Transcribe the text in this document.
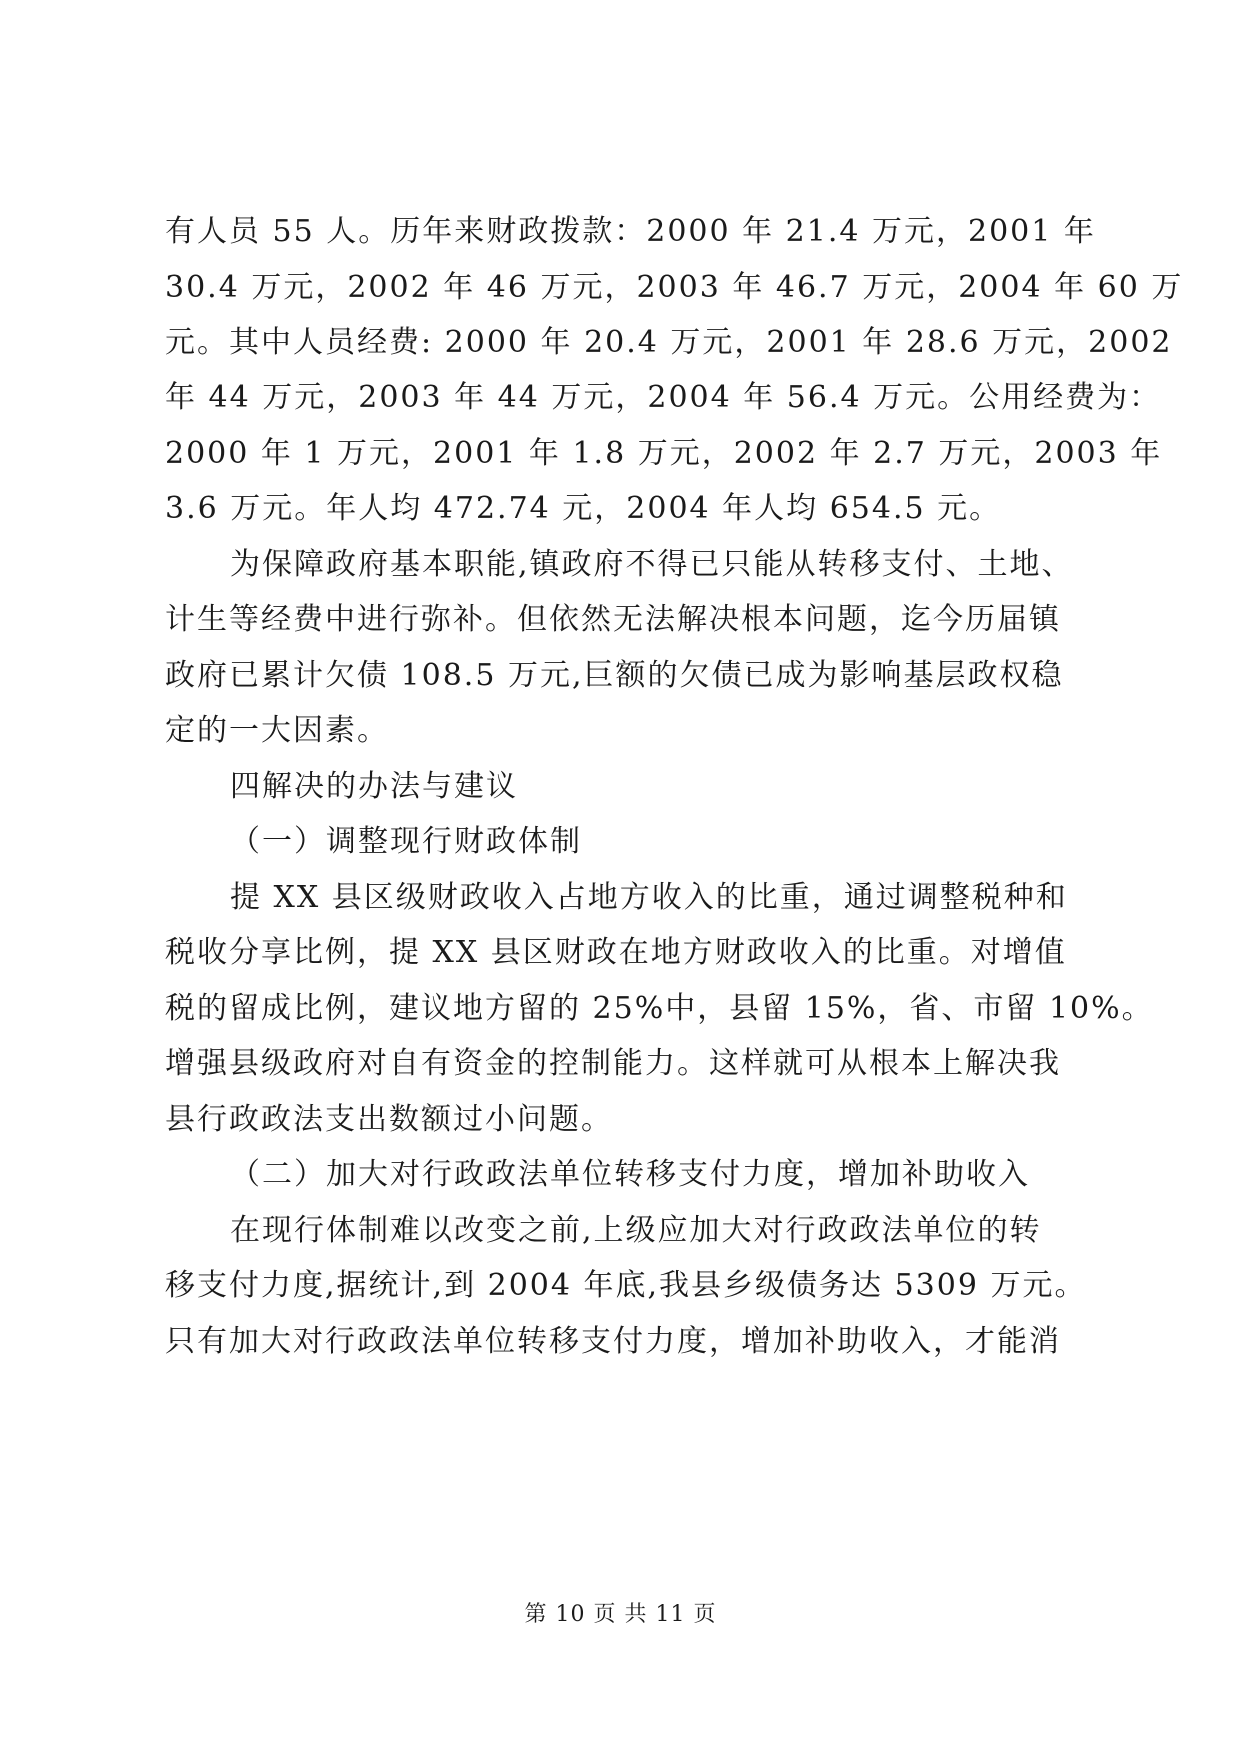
有人员 55 人。历年来财政拨款：2000 年 21.4 万元，2001 年
30.4 万元，2002 年 46 万元，2003 年 46.7 万元，2004 年 60 万
元。其中人员经费: 2000 年 20.4 万元，2001 年 28.6 万元，2002
年 44 万元，2003 年 44 万元，2004 年 56.4 万元。公用经费为：
2000 年 1 万元，2001 年 1.8 万元，2002 年 2.7 万元，2003 年
3.6 万元。年人均 472.74 元，2004 年人均 654.5 元。
为保障政府基本职能,镇政府不得已只能从转移支付、土地、
计生等经费中进行弥补。但依然无法解决根本问题，迄今历届镇
政府已累计欠债 108.5 万元,巨额的欠债已成为影响基层政权稳
定的一大因素。
四解决的办法与建议
（一）调整现行财政体制
提 XX 县区级财政收入占地方收入的比重，通过调整税种和
税收分享比例，提 XX 县区财政在地方财政收入的比重。对增值
税的留成比例，建议地方留的 25%中，县留 15%，省、市留 10%。
增强县级政府对自有资金的控制能力。这样就可从根本上解决我
县行政政法支出数额过小问题。
（二）加大对行政政法单位转移支付力度，增加补助收入
在现行体制难以改变之前,上级应加大对行政政法单位的转
移支付力度,据统计,到 2004 年底,我县乡级债务达 5309 万元。
只有加大对行政政法单位转移支付力度，增加补助收入，才能消
第 10 页 共 11 页
